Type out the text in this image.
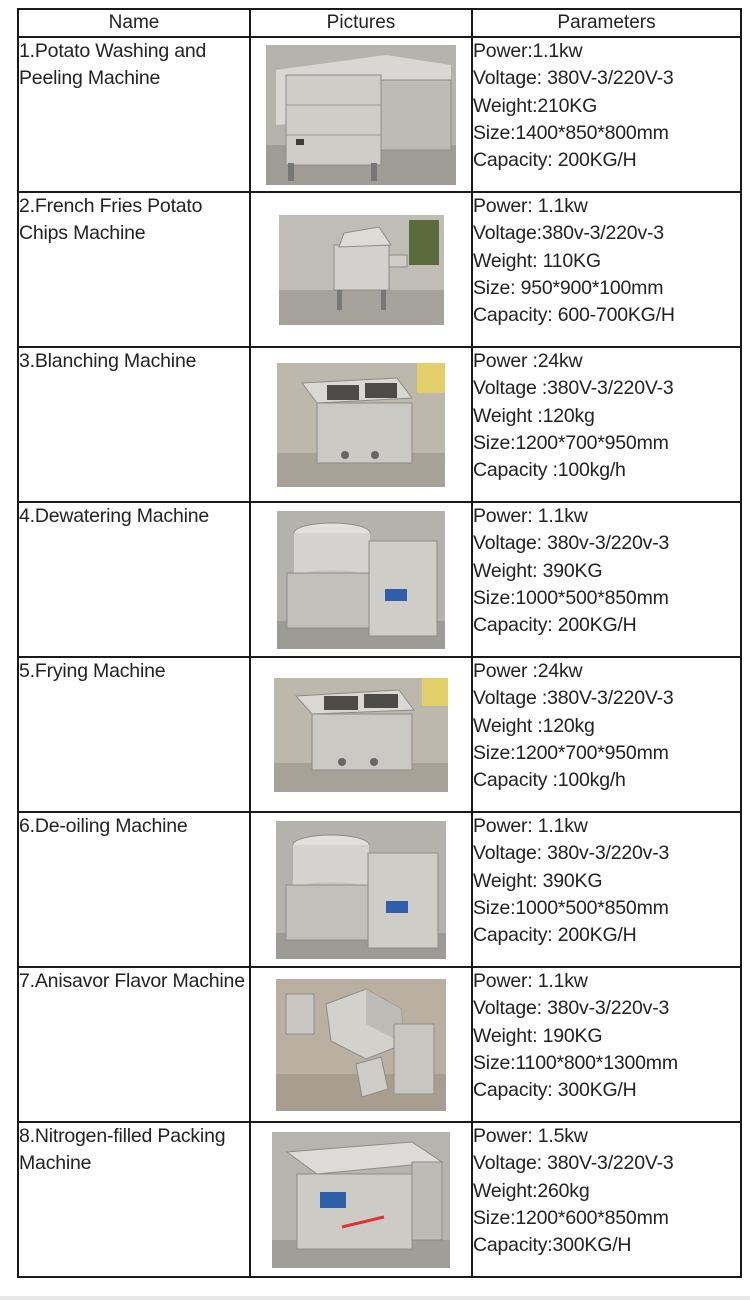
Name	Pictures	Parameters
1.Potato Washing and Peeling Machine		Power:1.1kw
Voltage: 380V-3/220V-3
Weight:210KG
Size:1400*850*800mm
Capacity: 200KG/H

2.French Fries Potato Chips Machine		Power: 1.1kw
Voltage:380v-3/220v-3
Weight: 110KG
Size: 950*900*100mm
Capacity: 600-700KG/H

3.Blanching Machine		Power :24kw
Voltage :380V-3/220V-3
Weight :120kg
Size:1200*700*950mm
Capacity :100kg/h

4.Dewatering Machine		Power: 1.1kw
Voltage: 380v-3/220v-3
Weight: 390KG
Size:1000*500*850mm
Capacity: 200KG/H

5.Frying Machine		Power :24kw
Voltage :380V-3/220V-3
Weight :120kg
Size:1200*700*950mm
Capacity :100kg/h

6.De-oiling Machine		Power: 1.1kw
Voltage: 380v-3/220v-3
Weight: 390KG
Size:1000*500*850mm
Capacity: 200KG/H

7.Anisavor Flavor Machine		Power: 1.1kw
Voltage: 380v-3/220v-3
Weight: 190KG
Size:1100*800*1300mm
Capacity: 300KG/H

8.Nitrogen-filled Packing Machine		Power: 1.5kw
Voltage: 380V-3/220V-3
Weight:260kg
Size:1200*600*850mm
Capacity:300KG/H
